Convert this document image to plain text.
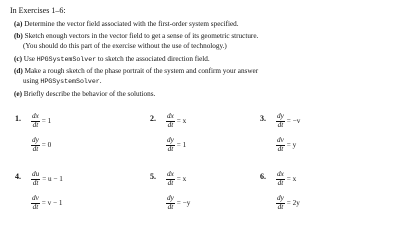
In Exercises 1–6:
(a) Determine the vector field associated with the first-order system specified.
(b) Sketch enough vectors in the vector field to get a sense of its geometric structure.
(You should do this part of the exercise without the use of technology.)
(c) Use HPGSystemSolver to sketch the associated direction field.
(d) Make a rough sketch of the phase portrait of the system and confirm your answer
using HPGSystemSolver.
(e) Briefly describe the behavior of the solutions.
1. $\frac{dx}{dt} = 1$
$\frac{dy}{dt} = 0$
2. $\frac{dx}{dt} = x$
$\frac{dy}{dt} = 1$
3. $\frac{dy}{dt} = -v$
$\frac{dv}{dt} = y$
4. $\frac{du}{dt} = u - 1$
$\frac{dv}{dt} = v - 1$
5. $\frac{dx}{dt} = x$
$\frac{dy}{dt} = -y$
6. $\frac{dx}{dt} = x$
$\frac{dy}{dt} = 2y$
